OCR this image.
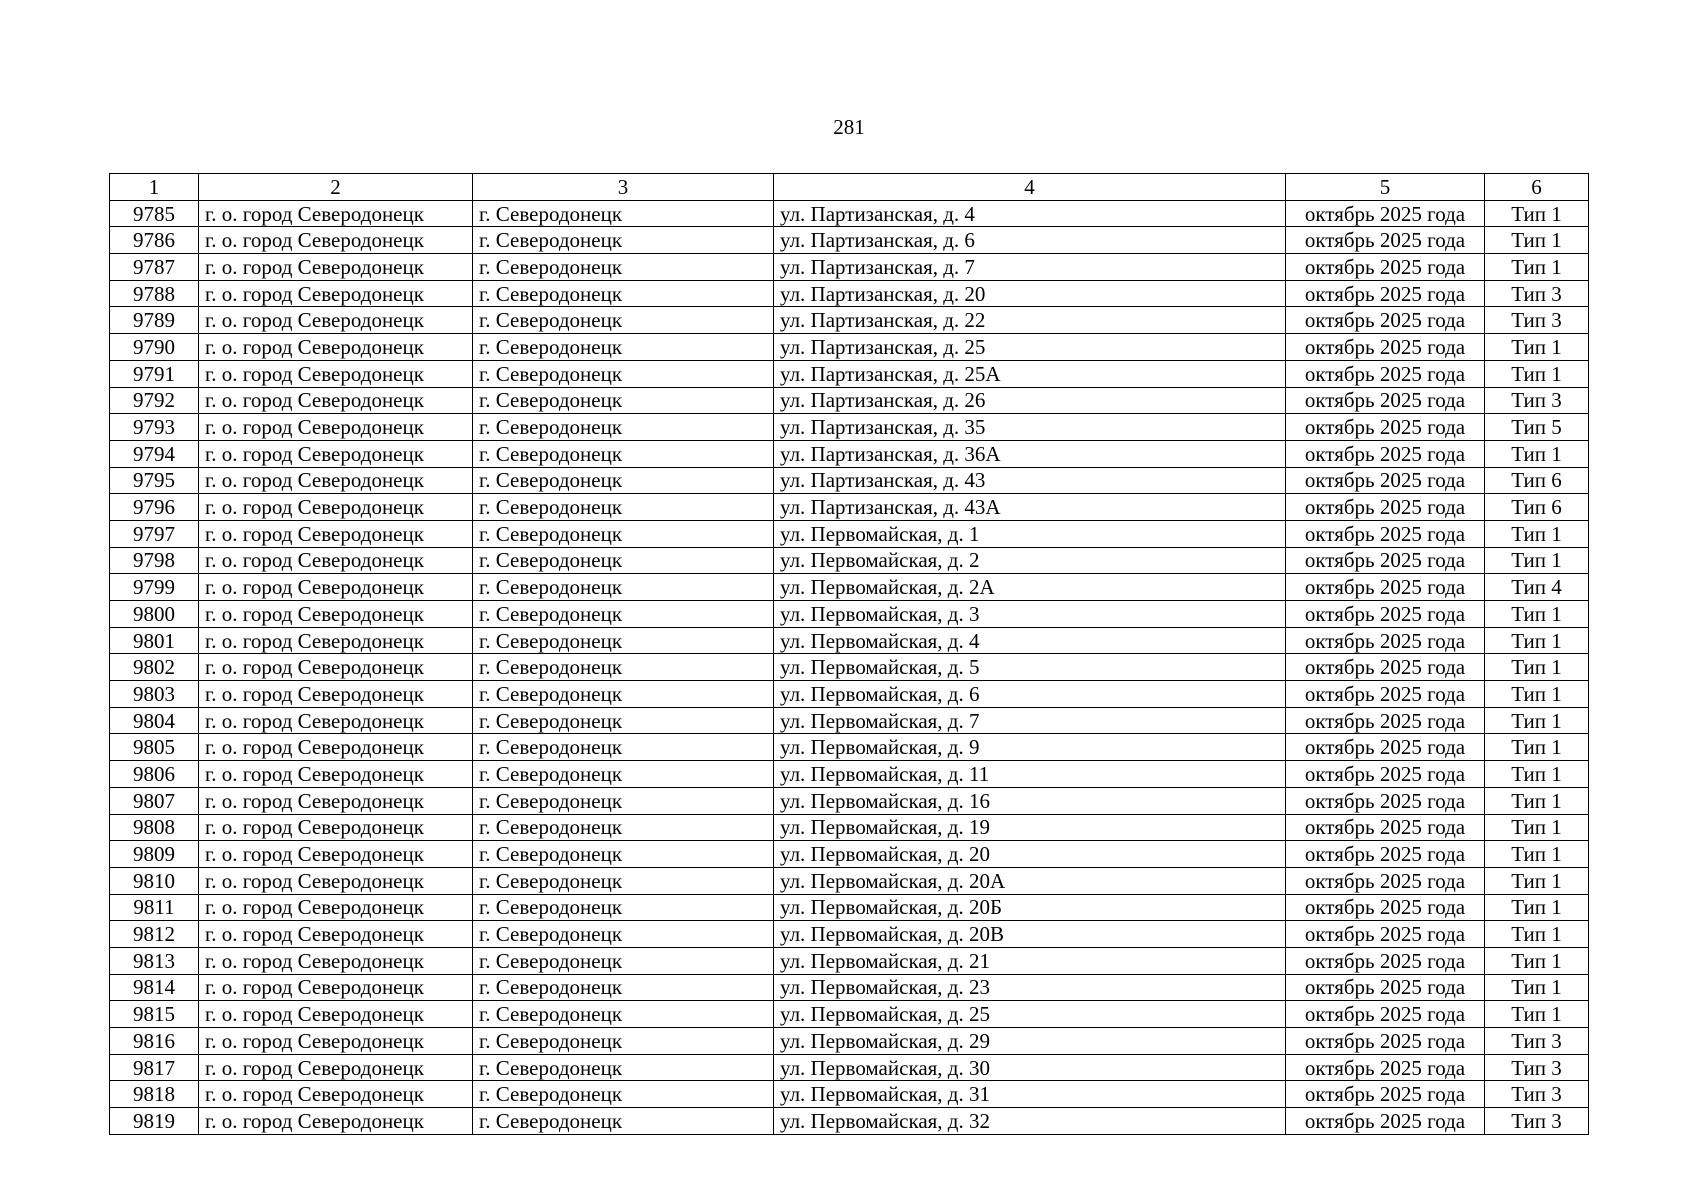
281
1	2	3	4	5	6
9785	г. о. город Северодонецк	г. Северодонецк	ул. Партизанская, д. 4	октябрь 2025 года	Тип 1
9786	г. о. город Северодонецк	г. Северодонецк	ул. Партизанская, д. 6	октябрь 2025 года	Тип 1
9787	г. о. город Северодонецк	г. Северодонецк	ул. Партизанская, д. 7	октябрь 2025 года	Тип 1
9788	г. о. город Северодонецк	г. Северодонецк	ул. Партизанская, д. 20	октябрь 2025 года	Тип 3
9789	г. о. город Северодонецк	г. Северодонецк	ул. Партизанская, д. 22	октябрь 2025 года	Тип 3
9790	г. о. город Северодонецк	г. Северодонецк	ул. Партизанская, д. 25	октябрь 2025 года	Тип 1
9791	г. о. город Северодонецк	г. Северодонецк	ул. Партизанская, д. 25А	октябрь 2025 года	Тип 1
9792	г. о. город Северодонецк	г. Северодонецк	ул. Партизанская, д. 26	октябрь 2025 года	Тип 3
9793	г. о. город Северодонецк	г. Северодонецк	ул. Партизанская, д. 35	октябрь 2025 года	Тип 5
9794	г. о. город Северодонецк	г. Северодонецк	ул. Партизанская, д. 36А	октябрь 2025 года	Тип 1
9795	г. о. город Северодонецк	г. Северодонецк	ул. Партизанская, д. 43	октябрь 2025 года	Тип 6
9796	г. о. город Северодонецк	г. Северодонецк	ул. Партизанская, д. 43А	октябрь 2025 года	Тип 6
9797	г. о. город Северодонецк	г. Северодонецк	ул. Первомайская, д. 1	октябрь 2025 года	Тип 1
9798	г. о. город Северодонецк	г. Северодонецк	ул. Первомайская, д. 2	октябрь 2025 года	Тип 1
9799	г. о. город Северодонецк	г. Северодонецк	ул. Первомайская, д. 2А	октябрь 2025 года	Тип 4
9800	г. о. город Северодонецк	г. Северодонецк	ул. Первомайская, д. 3	октябрь 2025 года	Тип 1
9801	г. о. город Северодонецк	г. Северодонецк	ул. Первомайская, д. 4	октябрь 2025 года	Тип 1
9802	г. о. город Северодонецк	г. Северодонецк	ул. Первомайская, д. 5	октябрь 2025 года	Тип 1
9803	г. о. город Северодонецк	г. Северодонецк	ул. Первомайская, д. 6	октябрь 2025 года	Тип 1
9804	г. о. город Северодонецк	г. Северодонецк	ул. Первомайская, д. 7	октябрь 2025 года	Тип 1
9805	г. о. город Северодонецк	г. Северодонецк	ул. Первомайская, д. 9	октябрь 2025 года	Тип 1
9806	г. о. город Северодонецк	г. Северодонецк	ул. Первомайская, д. 11	октябрь 2025 года	Тип 1
9807	г. о. город Северодонецк	г. Северодонецк	ул. Первомайская, д. 16	октябрь 2025 года	Тип 1
9808	г. о. город Северодонецк	г. Северодонецк	ул. Первомайская, д. 19	октябрь 2025 года	Тип 1
9809	г. о. город Северодонецк	г. Северодонецк	ул. Первомайская, д. 20	октябрь 2025 года	Тип 1
9810	г. о. город Северодонецк	г. Северодонецк	ул. Первомайская, д. 20А	октябрь 2025 года	Тип 1
9811	г. о. город Северодонецк	г. Северодонецк	ул. Первомайская, д. 20Б	октябрь 2025 года	Тип 1
9812	г. о. город Северодонецк	г. Северодонецк	ул. Первомайская, д. 20В	октябрь 2025 года	Тип 1
9813	г. о. город Северодонецк	г. Северодонецк	ул. Первомайская, д. 21	октябрь 2025 года	Тип 1
9814	г. о. город Северодонецк	г. Северодонецк	ул. Первомайская, д. 23	октябрь 2025 года	Тип 1
9815	г. о. город Северодонецк	г. Северодонецк	ул. Первомайская, д. 25	октябрь 2025 года	Тип 1
9816	г. о. город Северодонецк	г. Северодонецк	ул. Первомайская, д. 29	октябрь 2025 года	Тип 3
9817	г. о. город Северодонецк	г. Северодонецк	ул. Первомайская, д. 30	октябрь 2025 года	Тип 3
9818	г. о. город Северодонецк	г. Северодонецк	ул. Первомайская, д. 31	октябрь 2025 года	Тип 3
9819	г. о. город Северодонецк	г. Северодонецк	ул. Первомайская, д. 32	октябрь 2025 года	Тип 3
